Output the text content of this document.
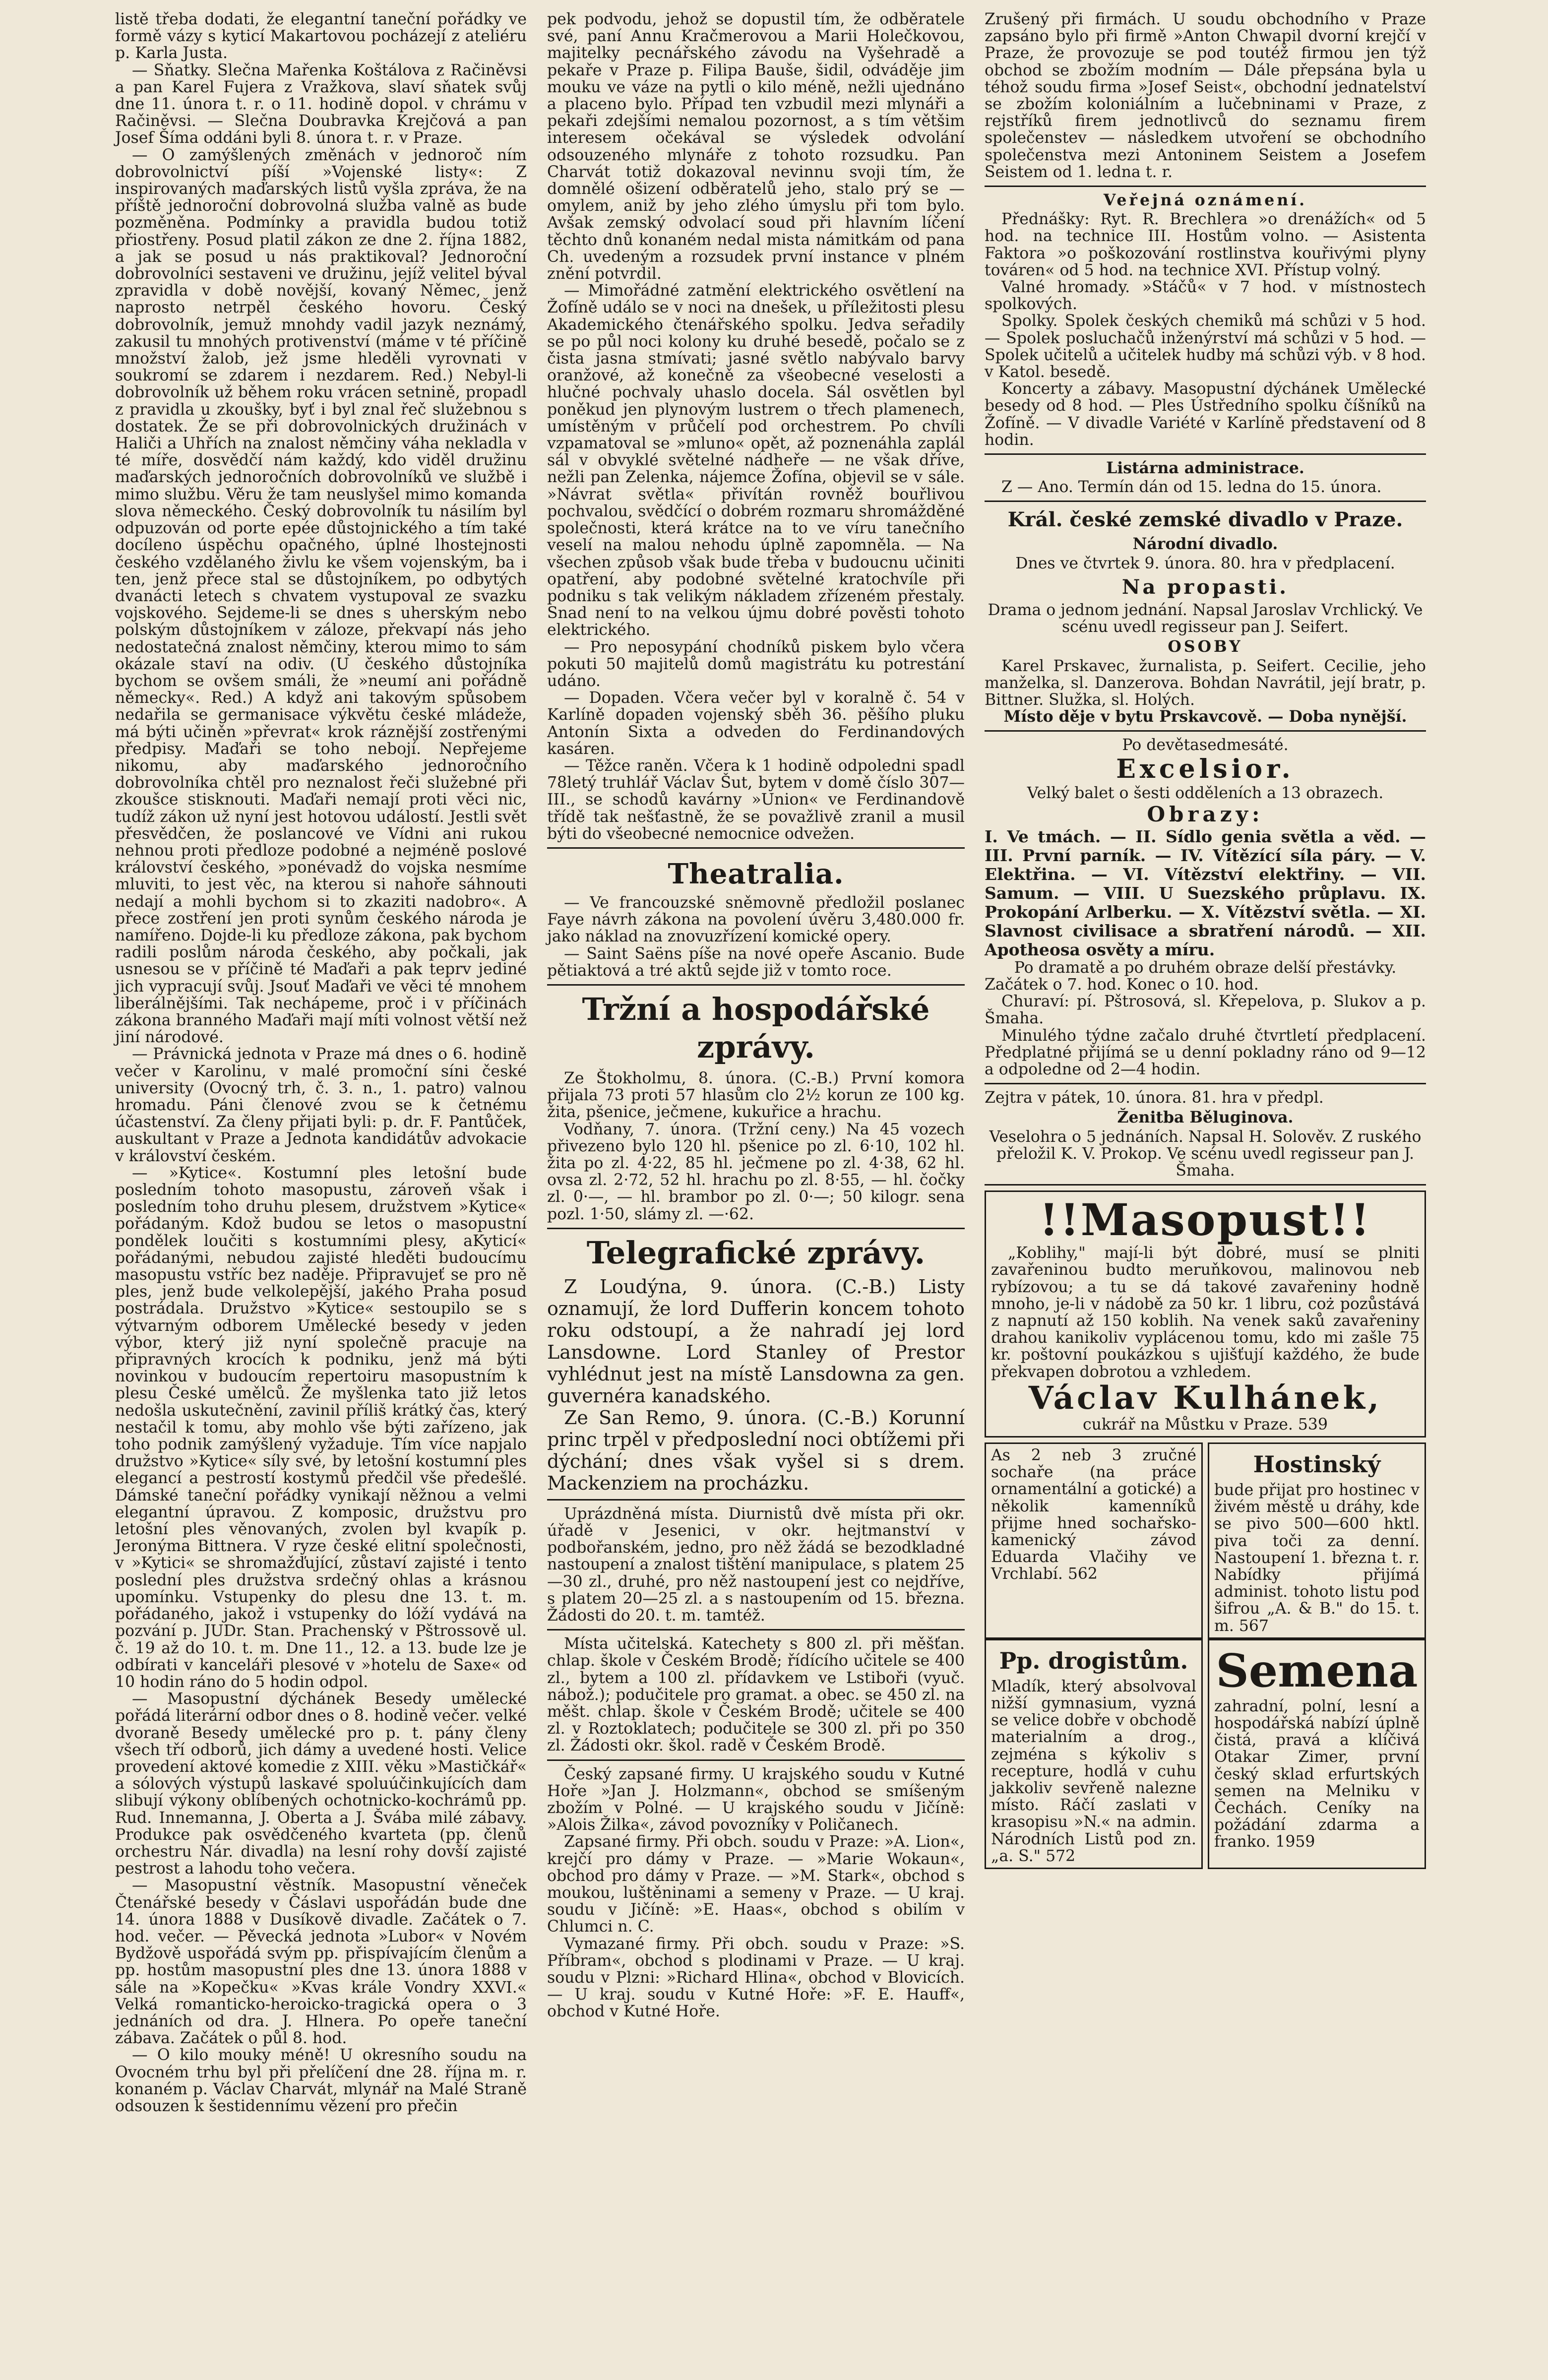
listě třeba dodati, že elegantní taneční pořádky ve formě vázy s kyticí Makartovou pocházejí z ateliéru p. Karla Justa.

— Sňatky. Slečna Mařenka Koštálova z Račiněvsi a pan Karel Fujera z Vražkova, slaví sňatek svůj dne 11. února t. r. o 11. hodině dopol. v chrámu v Račiněvsi. — Slečna Doubravka Krejčová a pan Josef Šíma oddáni byli 8. února t. r. v Praze.

— O zamýšlených změnách v jednoroč ním dobrovolnictví píší »Vojenské listy«: Z inspirovaných maďarských listů vyšla zpráva, že na příště jednoroční dobrovolná služba valně as bude pozměněna. Podmínky a pravidla budou totiž přiostřeny. Posud platil zákon ze dne 2. října 1882, a jak se posud u nás praktikoval? Jednoroční dobrovolníci sestaveni ve družinu, jejíž velitel býval zpravidla v době novější, kovaný Němec, jenž naprosto netrpěl českého hovoru. Český dobrovolník, jemuž mnohdy vadil jazyk neznámý, zakusil tu mnohých protivenství (máme v té příčině množství žalob, jež jsme hleděli vyrovnati v soukromí se zdarem i nezdarem. Red.) Nebyl-li dobrovolník už během roku vrácen setnině, propadl z pravidla u zkoušky, byť i byl znal řeč služebnou s dostatek. Že se při dobrovolnických družinách v Haliči a Uhřích na znalost němčiny váha nekladla v té míře, dosvědčí nám každý, kdo viděl družinu maďarských jednoročních dobrovolníků ve službě i mimo službu. Věru že tam neuslyšel mimo komanda slova německého. Český dobrovolník tu násilím byl odpuzován od porte epée důstojnického a tím také docíleno úspěchu opačného, úplné lhostejnosti českého vzdělaného živlu ke všem vojenským, ba i ten, jenž přece stal se důstojníkem, po odbytých dvanácti letech s chvatem vystupoval ze svazku vojskového. Sejdeme-li se dnes s uherským nebo polským důstojníkem v záloze, překvapí nás jeho nedostatečná znalost němčiny, kterou mimo to sám okázale staví na odiv. (U českého důstojníka bychom se ovšem smáli, že »neumí ani pořádně německy«. Red.) A když ani takovým spůsobem nedařila se germanisace výkvětu české mládeže, má býti učiněn »převrat« krok ráznější zostřenými předpisy. Maďaři se toho nebojí. Nepřejeme nikomu, aby maďarského jednoročního dobrovolníka chtěl pro neznalost řeči služebné při zkoušce stisknouti. Maďaři nemají proti věci nic, tudíž zákon už nyní jest hotovou událostí. Jestli svět přesvědčen, že poslancové ve Vídni ani rukou nehnou proti předloze podobné a nejméně poslové království českého, »ponévadž do vojska nesmíme mluviti, to jest věc, na kterou si nahoře sáhnouti nedají a mohli bychom si to zkaziti nadobro«. A přece zostření jen proti synům českého národa je namířeno. Dojde-li ku předloze zákona, pak bychom radili poslům národa českého, aby počkali, jak usnesou se v příčině té Maďaři a pak teprv jediné jich vypracují svůj. Jsouť Maďaři ve věci té mnohem liberálnějšími. Tak nechápeme, proč i v příčinách zákona branného Maďaři mají míti volnost větší než jiní národové.

— Právnická jednota v Praze má dnes o 6. hodině večer v Karolinu, v malé promoční síni české university (Ovocný trh, č. 3. n., 1. patro) valnou hromadu. Páni členové zvou se k četnému účastenství. Za členy přijati byli: p. dr. F. Pantůček, auskultant v Praze a Jednota kandidátův advokacie v království českém.

— »Kytice«. Kostumní ples letošní bude posledním tohoto masopustu, zároveň však i posledním toho druhu plesem, družstvem »Kytice« pořádaným. Kdož budou se letos o masopustní pondělek loučiti s kostumními plesy, aKyticí« pořádanými, nebudou zajisté hleděti budoucímu masopustu vstříc bez naděje. Připravujeť se pro ně ples, jenž bude velkolepější, jakého Praha posud postrádala. Družstvo »Kytice« sestoupilo se s výtvarným odborem Umělecké besedy v jeden výbor, který již nyní společně pracuje na připravných krocích k podniku, jenž má býti novinkou v budoucím repertoiru masopustním k plesu České umělců. Že myšlenka tato již letos nedošla uskutečnění, zavinil příliš krátký čas, který nestačil k tomu, aby mohlo vše býti zařízeno, jak toho podnik zamýšlený vyžaduje. Tím více napjalo družstvo »Kytice« síly své, by letošní kostumní ples elegancí a pestrostí kostymů předčil vše předešlé. Dámské taneční pořádky vynikají něžnou a velmi elegantní úpravou. Z komposic, družstvu pro letošní ples věnovaných, zvolen byl kvapík p. Jeronýma Bittnera. V ryze české elitní společnosti, v »Kytici« se shromažďující, zůstaví zajisté i tento poslední ples družstva srdečný ohlas a krásnou upomínku. Vstupenky do plesu dne 13. t. m. pořádaného, jakož i vstupenky do lóží vydává na pozvání p. JUDr. Stan. Prachenský v Pštrossově ul. č. 19 až do 10. t. m. Dne 11., 12. a 13. bude lze je odbírati v kanceláři plesové v »hotelu de Saxe« od 10 hodin ráno do 5 hodin odpol.

— Masopustní dýchánek Besedy umělecké pořádá literární odbor dnes o 8. hodině večer. velké dvoraně Besedy umělecké pro p. t. pány členy všech tří odborů, jich dámy a uvedené hosti. Velice provedení aktové komedie z XIII. věku »Mastičkář« a sólových výstupů laskavé spoluúčinkujících dam slibují výkony oblíbených ochotnicko-kochrámů pp. Rud. Innemanna, J. Oberta a J. Švába milé zábavy. Produkce pak osvědčeného kvarteta (pp. členů orchestru Nár. divadla) na lesní rohy dovší zajisté pestrost a lahodu toho večera.

— Masopustní věstník. Masopustní věneček Čtenářské besedy v Čáslavi uspořádán bude dne 14. února 1888 v Dusíkově divadle. Začátek o 7. hod. večer. — Pěvecká jednota »Lubor« v Novém Bydžově uspořádá svým pp. přispívajícím členům a pp. hostům masopustní ples dne 13. února 1888 v sále na »Kopečku« »Kvas krále Vondry XXVI.« Velká romanticko-heroicko-tragická opera o 3 jednáních od dra. J. Hlnera. Po opeře taneční zábava. Začátek o půl 8. hod.

— O kilo mouky méně! U okresního soudu na Ovocném trhu byl při přelíčení dne 28. října m. r. konaném p. Václav Charvát, mlynář na Malé Straně odsouzen k šestidennímu vězení pro přečin

pek podvodu, jehož se dopustil tím, že odběratele své, paní Annu Kračmerovou a Marii Holečkovou, majitelky pecnářského závodu na Vyšehradě a pekaře v Praze p. Filipa Bauše, šidil, odváděje jim mouku ve váze na pytli o kilo méně, nežli ujednáno a placeno bylo. Případ ten vzbudil mezi mlynáři a pekaři zdejšími nemalou pozornost, a s tím většim interesem očekával se výsledek odvolání odsouzeného mlynáře z tohoto rozsudku. Pan Charvát totiž dokazoval nevinnu svoji tím, že domnělé ošizení odběratelů jeho, stalo prý se — omylem, aniž by jeho zlého úmyslu při tom bylo. Avšak zemský odvolací soud při hlavním líčení těchto dnů konaném nedal mista námitkám od pana Ch. uvedeným a rozsudek první instance v plném znění potvrdil.

— Mimořádné zatmění elektrického osvětlení na Žofíně událo se v noci na dnešek, u příležitosti plesu Akademického čtenářského spolku. Jedva seřadily se po půl noci kolony ku druhé besedě, počalo se z čista jasna stmívati; jasné světlo nabývalo barvy oranžové, až konečně za všeobecné veselosti a hlučné pochvaly uhaslo docela. Sál osvětlen byl poněkud jen plynovým lustrem o třech plamenech, umístěným v průčelí pod orchestrem. Po chvíli vzpamatoval se »mluno« opět, až poznenáhla zaplál sál v obvyklé světelné nádheře — ne však dříve, nežli pan Zelenka, nájemce Žofína, objevil se v sále. »Návrat světla« přivítán rovněž bouřlivou pochvalou, svědčící o dobrém rozmaru shromážděné společnosti, která krátce na to ve víru tanečního veselí na malou nehodu úplně zapomněla. — Na všechen způsob však bude třeba v budoucnu učiniti opatření, aby podobné světelné kratochvíle při podniku s tak velikým nákladem zřízeném přestaly. Snad není to na velkou újmu dobré pověsti tohoto elektrického.

— Pro neposypání chodníků piskem bylo včera pokuti 50 majitelů domů magistrátu ku potrestání udáno.

— Dopaden. Včera večer byl v koralně č. 54 v Karlíně dopaden vojenský sběh 36. pěšího pluku Antonín Sixta a odveden do Ferdinandových kasáren.

— Těžce raněn. Včera k 1 hodině odpoledni spadl 78letý truhlář Václav Šut, bytem v domě číslo 307—III., se schodů kavárny »Union« ve Ferdinandově třídě tak nešťastně, že se považlivě zranil a musil býti do všeobecné nemocnice odvežen.

Theatralia.

— Ve francouzské sněmovně předložil poslanec Faye návrh zákona na povolení úvěru 3,480.000 fr. jako náklad na znovuzřízení komické opery.

— Saint Saëns píše na nové opeře Ascanio. Bude pětiaktová a tré aktů sejde již v tomto roce.

Tržní a hospodářské zprávy.

Ze Štokholmu, 8. února. (C.-B.) První komora přijala 73 proti 57 hlasům clo 2½ korun ze 100 kg. žita, pšenice, ječmene, kukuřice a hrachu.

Vodňany, 7. února. (Tržní ceny.) Na 45 vozech přivezeno bylo 120 hl. pšenice po zl. 6·10, 102 hl. žita po zl. 4·22, 85 hl. ječmene po zl. 4·38, 62 hl. ovsa zl. 2·72, 52 hl. hrachu po zl. 8·55, — hl. čočky zl. 0·—, — hl. brambor po zl. 0·—; 50 kilogr. sena pozl. 1·50, slámy zl. —·62.

Telegrafické zprávy.

Z Loudýna, 9. února. (C.-B.) Listy oznamují, že lord Dufferin koncem tohoto roku odstoupí, a že nahradí jej lord Lansdowne. Lord Stanley of Prestor vyhlédnut jest na místě Lansdowna za gen. guvernéra kanadského.

Ze San Remo, 9. února. (C.-B.) Korunní princ trpěl v předposlední noci obtížemi při dýchání; dnes však vyšel si s drem. Mackenziem na procházku.

Uprázdněná místa. Diurnistů dvě místa při okr. úřadě v Jesenici, v okr. hejtmanství v podbořanském, jedno, pro něž žádá se bezodkladné nastoupení a znalost tištění manipulace, s platem 25—30 zl., druhé, pro něž nastoupení jest co nejdříve, s platem 20—25 zl. a s nastoupením od 15. března. Žádosti do 20. t. m. tamtéž.

Místa učitelská. Katechety s 800 zl. při měšťan. chlap. škole v Českém Brodě; řídícího učitele se 400 zl., bytem a 100 zl. přídavkem ve Lstiboři (vyuč. nábož.); podučitele pro gramat. a obec. se 450 zl. na měšt. chlap. škole v Českém Brodě; učitele se 400 zl. v Roztoklatech; podučitele se 300 zl. při po 350 zl. Žádosti okr. škol. radě v Českém Brodě.

Český zapsané firmy. U krajského soudu v Kutné Hoře »Jan J. Holzmann«, obchod se smíšeným zbožím v Polné. — U krajského soudu v Jičíně: »Alois Žilka«, závod povozníky v Poličanech.

Zapsané firmy. Při obch. soudu v Praze: »A. Lion«, krejčí pro dámy v Praze. — »Marie Wokaun«, obchod pro dámy v Praze. — »M. Stark«, obchod s moukou, luštěninami a semeny v Praze. — U kraj. soudu v Jičíně: »E. Haas«, obchod s obilím v Chlumci n. C.

Vymazané firmy. Při obch. soudu v Praze: »S. Příbram«, obchod s plodinami v Praze. — U kraj. soudu v Plzni: »Richard Hlina«, obchod v Blovicích. — U kraj. soudu v Kutné Hoře: »F. E. Hauff«, obchod v Kutné Hoře.

Zrušený při firmách. U soudu obchodního v Praze zapsáno bylo při firmě »Anton Chwapil dvorní krejčí v Praze, že provozuje se pod toutéž firmou jen týž obchod se zbožím modním — Dále přepsána byla u téhož soudu firma »Josef Seist«, obchodní jednatelství se zbožím koloniálním a lučebninami v Praze, z rejstříků firem jednotlivců do seznamu firem společenstev — následkem utvoření se obchodního společenstva mezi Antoninem Seistem a Josefem Seistem od 1. ledna t. r.

Veřejná oznámení.

Přednášky: Ryt. R. Brechlera »o drenážích« od 5 hod. na technice III. Hostům volno. — Asistenta Faktora »o poškozování rostlinstva kouřivými plyny továren« od 5 hod. na technice XVI. Přístup volný.

Valné hromady. »Stáčů« v 7 hod. v místnostech spolkových.

Spolky. Spolek českých chemiků má schůzi v 5 hod. — Spolek posluchačů inženýrství má schůzi v 5 hod. — Spolek učitelů a učitelek hudby má schůzi výb. v 8 hod. v Katol. besedě.

Koncerty a zábavy. Masopustní dýchánek Umělecké besedy od 8 hod. — Ples Ústředního spolku číšníků na Žofíně. — V divadle Variété v Karlíně představení od 8 hodin.

Listárna administrace.

Z — Ano. Termín dán od 15. ledna do 15. února.

Král. české zemské divadlo v Praze.
Národní divadlo.

Dnes ve čtvrtek 9. února. 80. hra v předplacení.

Na propasti.

Drama o jednom jednání. Napsal Jaroslav Vrchlický. Ve scénu uvedl regisseur pan J. Seifert.

OSOBY

Karel Prskavec, žurnalista, p. Seifert. Cecilie, jeho manželka, sl. Danzerova. Bohdan Navrátil, její bratr, p. Bittner. Služka, sl. Holých.

Místo děje v bytu Prskavcově. — Doba nynější.

Po devětasedmesáté.

Excelsior.

Velký balet o šesti odděleních a 13 obrazech.

Obrazy:

I. Ve tmách. — II. Sídlo genia světla a věd. — III. První parník. — IV. Vítězící síla páry. — V. Elektřina. — VI. Vítězství elektřiny. — VII. Samum. — VIII. U Suezského průplavu. IX. Prokopání Arlberku. — X. Vítězství světla. — XI. Slavnost civilisace a sbratření národů. — XII. Apotheosa osvěty a míru.

Po dramatě a po druhém obraze delší přestávky.

Začátek o 7. hod. Konec o 10. hod.

Churaví: pí. Pštrosová, sl. Křepelova, p. Slukov a p. Šmaha.

Minulého týdne začalo druhé čtvrtletí předplacení. Předplatné přijímá se u denní pokladny ráno od 9—12 a odpoledne od 2—4 hodin.

Zejtra v pátek, 10. února. 81. hra v předpl.

Ženitba Běluginova.

Veselohra o 5 jednáních. Napsal H. Solověv. Z ruského přeložil K. V. Prokop. Ve scénu uvedl regisseur pan J. Šmaha.

!!Masopust!!

„Koblihy," mají-li být dobré, musí se plniti zavařeninou budto meruňkovou, malinovou neb rybízovou; a tu se dá takové zavařeniny hodně mnoho, je-li v nádobě za 50 kr. 1 libru, coż pozůstává z napnutí až 150 koblih. Na venek saků zavařeniny drahou kanikoliv vyplácenou tomu, kdo mi zašle 75 kr. poštovní poukázkou s ujišťují každého, že bude překvapen dobrotou a vzhledem.

Václav Kulhánek,

cukrář na Můstku v Praze. 539

As 2 neb 3 zručné sochaře (na práce ornamentální a gotické) a několik kamenníků přijme hned sochařsko-kamenický závod Eduarda Vlačihy ve Vrchlabí. 562

Hostinský

bude přijat pro hostinec v živém městě u dráhy, kde se pivo 500—600 hktl. piva toči za denní. Nastoupení 1. března t. r. Nabídky přijímá administ. tohoto listu pod šifrou „A. & B." do 15. t. m. 567

Pp. drogistům.

Mladík, který absolvoval nižší gymnasium, vyzná se velice dobře v obchodě materialním a drog., zejména s kýkoliv s recepture, hodlá v cuhu jakkoliv sevřeně nalezne místo. Ráčí zaslati v krasopisu »N.« na admin. Národních Listů pod zn. „a. S." 572

Semena

zahradní, polní, lesní a hospodářská nabízí úplně čistá, pravá a klíčivá Otakar Zimer, první český sklad erfurtských semen na Melniku v Čechách. Ceníky na požádání zdarma a franko. 1959
